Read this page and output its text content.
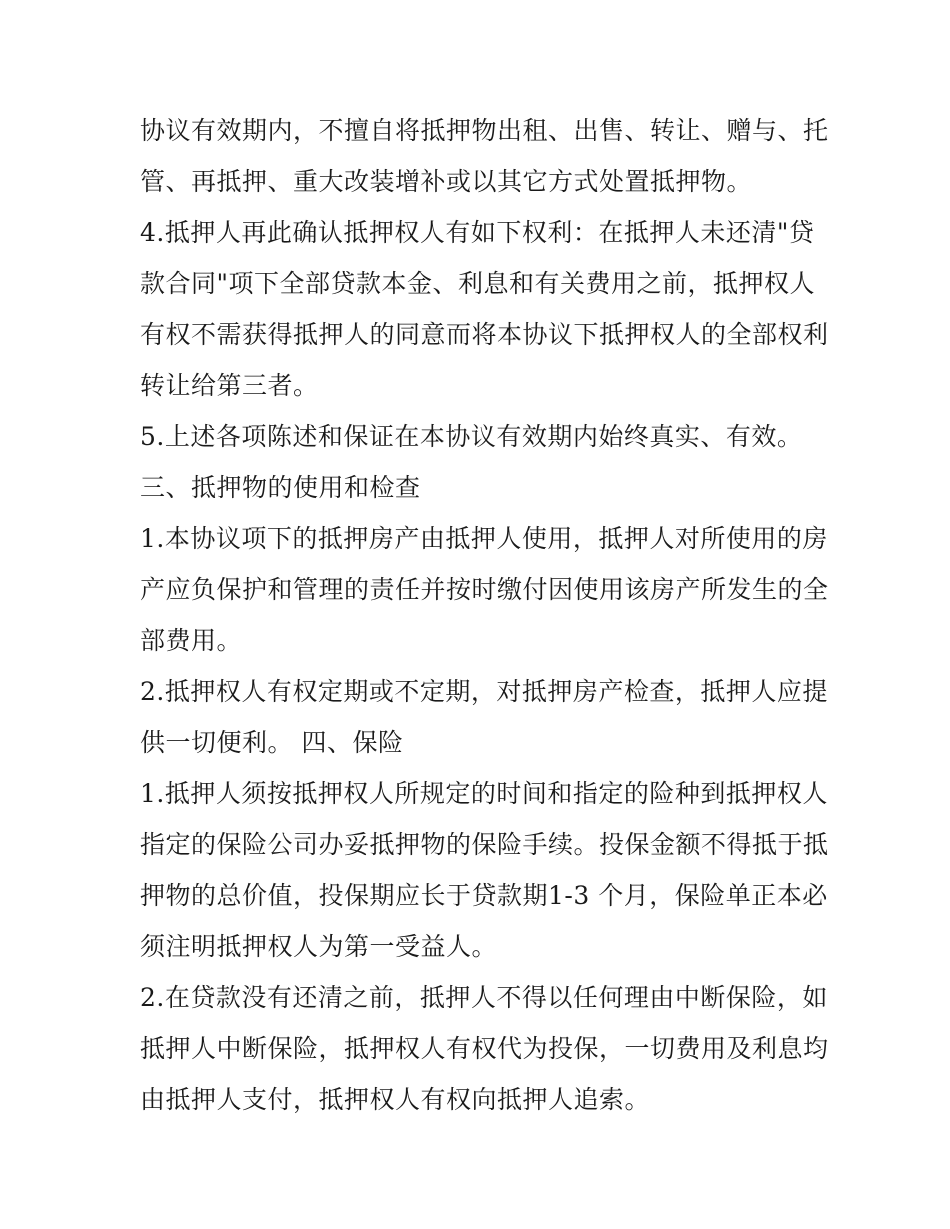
协议有效期内，不擅自将抵押物出租、出售、转让、赠与、托
管、再抵押、重大改装增补或以其它方式处置抵押物。
4.抵押人再此确认抵押权人有如下权利：在抵押人未还清"贷
款合同"项下全部贷款本金、利息和有关费用之前，抵押权人
有权不需获得抵押人的同意而将本协议下抵押权人的全部权利
转让给第三者。
5.上述各项陈述和保证在本协议有效期内始终真实、有效。
三、抵押物的使用和检查
1.本协议项下的抵押房产由抵押人使用，抵押人对所使用的房
产应负保护和管理的责任并按时缴付因使用该房产所发生的全
部费用。
2.抵押权人有权定期或不定期，对抵押房产检查，抵押人应提
供一切便利。 四、保险
1.抵押人须按抵押权人所规定的时间和指定的险种到抵押权人
指定的保险公司办妥抵押物的保险手续。投保金额不得抵于抵
押物的总价值，投保期应长于贷款期1-3 个月，保险单正本必
须注明抵押权人为第一受益人。
2.在贷款没有还清之前，抵押人不得以任何理由中断保险，如
抵押人中断保险，抵押权人有权代为投保，一切费用及利息均
由抵押人支付，抵押权人有权向抵押人追索。
